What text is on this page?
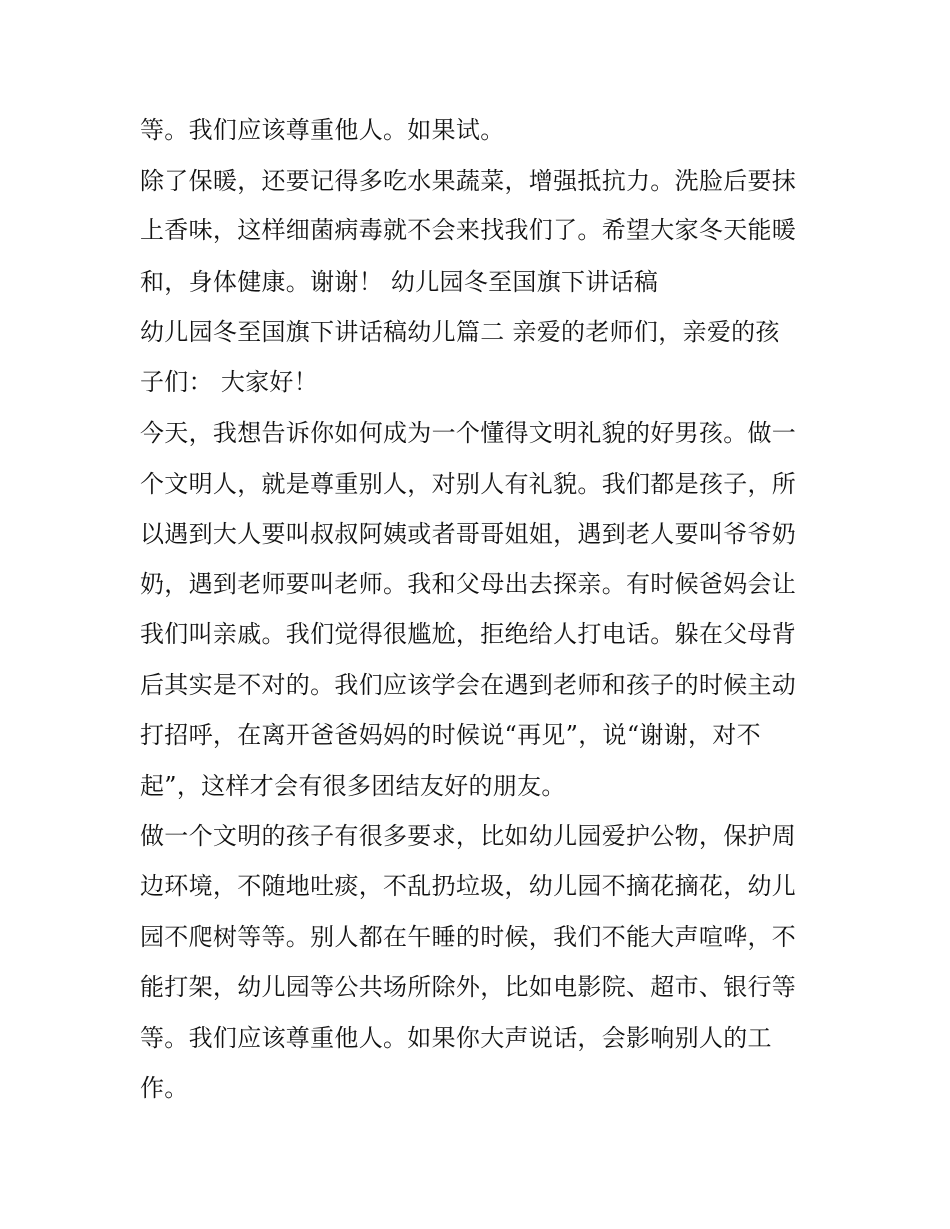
等。我们应该尊重他人。如果试。
除了保暖，还要记得多吃水果蔬菜，增强抵抗力。洗脸后要抹
上香味，这样细菌病毒就不会来找我们了。希望大家冬天能暖
和，身体健康。谢谢！ 幼儿园冬至国旗下讲话稿
幼儿园冬至国旗下讲话稿幼儿篇二 亲爱的老师们，亲爱的孩
子们： 大家好！
今天，我想告诉你如何成为一个懂得文明礼貌的好男孩。做一
个文明人，就是尊重别人，对别人有礼貌。我们都是孩子，所
以遇到大人要叫叔叔阿姨或者哥哥姐姐，遇到老人要叫爷爷奶
奶，遇到老师要叫老师。我和父母出去探亲。有时候爸妈会让
我们叫亲戚。我们觉得很尴尬，拒绝给人打电话。躲在父母背
后其实是不对的。我们应该学会在遇到老师和孩子的时候主动
打招呼，在离开爸爸妈妈的时候说“再见”，说“谢谢，对不
起”，这样才会有很多团结友好的朋友。
做一个文明的孩子有很多要求，比如幼儿园爱护公物，保护周
边环境，不随地吐痰，不乱扔垃圾，幼儿园不摘花摘花，幼儿
园不爬树等等。别人都在午睡的时候，我们不能大声喧哗，不
能打架，幼儿园等公共场所除外，比如电影院、超市、银行等
等。我们应该尊重他人。如果你大声说话，会影响别人的工
作。
